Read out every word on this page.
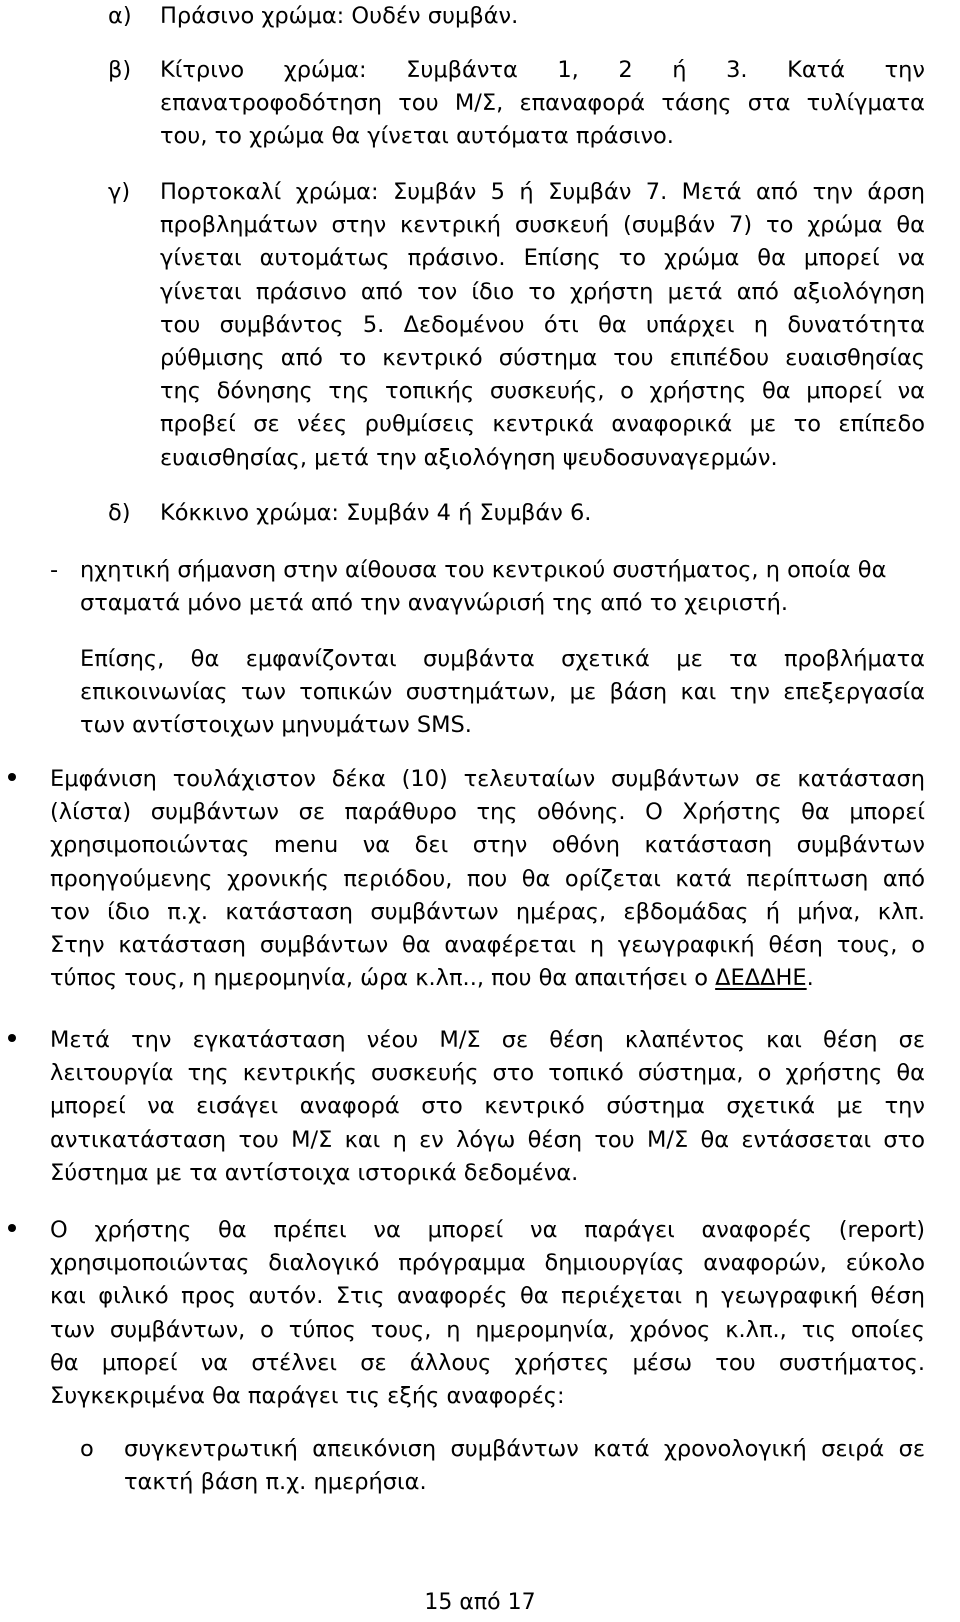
α) Πράσινο χρώμα: Ουδέν συμβάν.
β) Κίτρινο χρώμα: Συμβάντα 1, 2 ή 3. Κατά την
επανατροφοδότηση του Μ/Σ, επαναφορά τάσης στα τυλίγματα
του, το χρώμα θα γίνεται αυτόματα πράσινο.
γ) Πορτοκαλί χρώμα: Συμβάν 5 ή Συμβάν 7. Μετά από την άρση
προβλημάτων στην κεντρική συσκευή (συμβάν 7) το χρώμα θα
γίνεται αυτομάτως πράσινο. Επίσης το χρώμα θα μπορεί να
γίνεται πράσινο από τον ίδιο το χρήστη μετά από αξιολόγηση
του συμβάντος 5. Δεδομένου ότι θα υπάρχει η δυνατότητα
ρύθμισης από το κεντρικό σύστημα του επιπέδου ευαισθησίας
της δόνησης της τοπικής συσκευής, ο χρήστης θα μπορεί να
προβεί σε νέες ρυθμίσεις κεντρικά αναφορικά με το επίπεδο
ευαισθησίας, μετά την αξιολόγηση ψευδοσυναγερμών.
δ) Κόκκινο χρώμα: Συμβάν 4 ή Συμβάν 6.
- ηχητική σήμανση στην αίθουσα του κεντρικού συστήματος, η οποία θα
σταματά μόνο μετά από την αναγνώρισή της από το χειριστή.
Επίσης, θα εμφανίζονται συμβάντα σχετικά με τα προβλήματα
επικοινωνίας των τοπικών συστημάτων, με βάση και την επεξεργασία
των αντίστοιχων μηνυμάτων SMS.
Εμφάνιση τουλάχιστον δέκα (10) τελευταίων συμβάντων σε κατάσταση
(λίστα) συμβάντων σε παράθυρο της οθόνης. Ο Χρήστης θα μπορεί
χρησιμοποιώντας menu να δει στην οθόνη κατάσταση συμβάντων
προηγούμενης χρονικής περιόδου, που θα ορίζεται κατά περίπτωση από
τον ίδιο π.χ. κατάσταση συμβάντων ημέρας, εβδομάδας ή μήνα, κλπ.
Στην κατάσταση συμβάντων θα αναφέρεται η γεωγραφική θέση τους, ο
τύπος τους, η ημερομηνία, ώρα κ.λπ.., που θα απαιτήσει ο ΔΕΔΔΗΕ.
Μετά την εγκατάσταση νέου Μ/Σ σε θέση κλαπέντος και θέση σε
λειτουργία της κεντρικής συσκευής στο τοπικό σύστημα, ο χρήστης θα
μπορεί να εισάγει αναφορά στο κεντρικό σύστημα σχετικά με την
αντικατάσταση του Μ/Σ και η εν λόγω θέση του Μ/Σ θα εντάσσεται στο
Σύστημα με τα αντίστοιχα ιστορικά δεδομένα.
Ο χρήστης θα πρέπει να μπορεί να παράγει αναφορές (report)
χρησιμοποιώντας διαλογικό πρόγραμμα δημιουργίας αναφορών, εύκολο
και φιλικό προς αυτόν. Στις αναφορές θα περιέχεται η γεωγραφική θέση
των συμβάντων, ο τύπος τους, η ημερομηνία, χρόνος κ.λπ., τις οποίες
θα μπορεί να στέλνει σε άλλους χρήστες μέσω του συστήματος.
Συγκεκριμένα θα παράγει τις εξής αναφορές:
o συγκεντρωτική απεικόνιση συμβάντων κατά χρονολογική σειρά σε
τακτή βάση π.χ. ημερήσια.
15 από 17
